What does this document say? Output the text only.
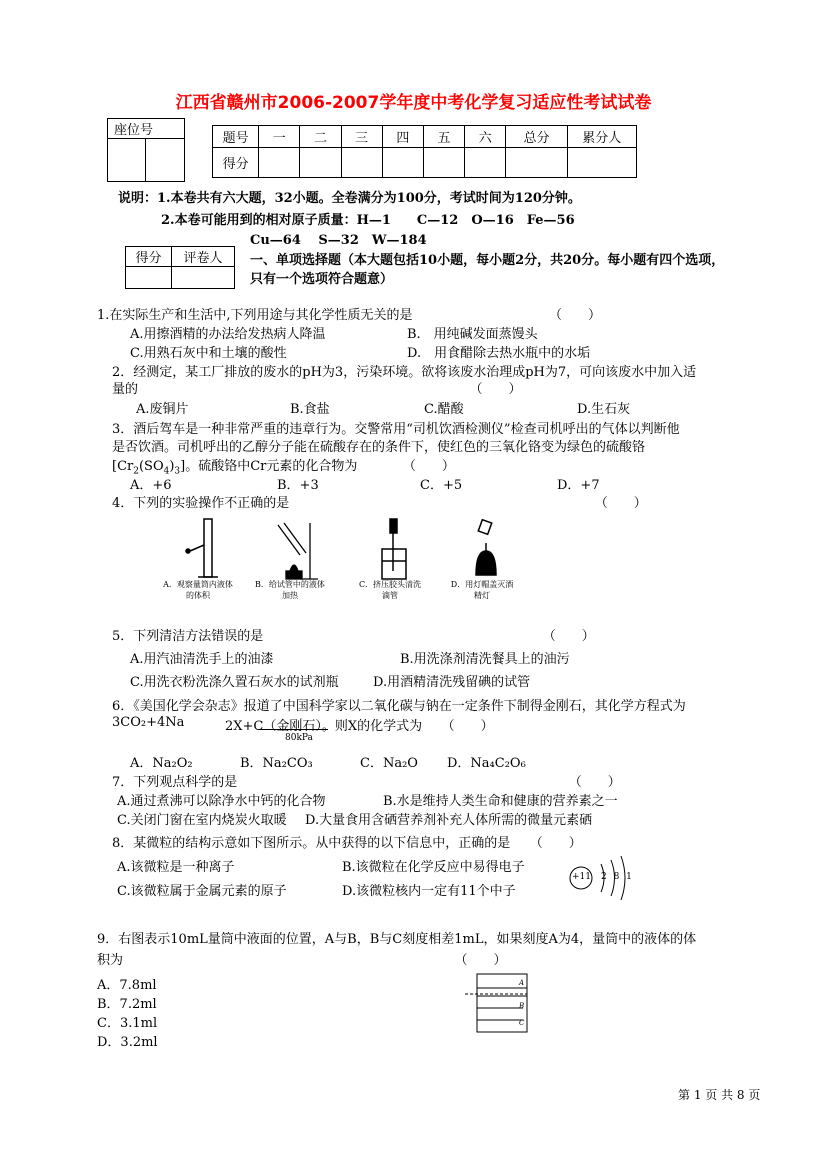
江西省赣州市2006-2007学年度中考化学复习适应性考试试卷
座位号

题号	一	二	三	四	五	六	总分	累分人
得分								
说明：1.本卷共有六大题，32小题。全卷满分为100分，考试时间为120分钟。
2.本卷可能用到的相对原子质量：H—1　　C—12　O—16　Fe—56
Cu—64　 S—32　W—184
得分	评卷人
	一、单项选择题（本大题包括10小题，每小题2分，共20分。每小题有四个选项，
只有一个选项符合题意）
1.在实际生产和生活中,下列用途与其化学性质无关的是　　　　　　　　　　　（　　）
A.用擦酒精的办法给发热病人降温	B.　用纯碱发面蒸馒头
C.用熟石灰中和土壤的酸性	D.　用食醋除去热水瓶中的水垢
2．经测定，某工厂排放的废水的pH为3，污染环境。欲将该废水治理成pH为7，可向该废水中加入适
量的　　　　　　　　　　　　　　　　　　　　　　　　　　（　　）
A.废铜片	B.食盐	C.醋酸	D.生石灰
3．酒后驾车是一种非常严重的违章行为。交警常用“司机饮酒检测仪”检查司机呼出的气体以判断他
是否饮酒。司机呼出的乙醇分子能在硫酸存在的条件下，使红色的三氧化铬变为绿色的硫酸铬
$[Cr_2(SO_4)_3]$。硫酸铬中Cr元素的化合物为　　　　（　　）
A．+6	B．+3	C．+5	D．+7
4．下列的实验操作不正确的是　　　　　　　　　　　　　　　　　　　　　　　　（　　）
A．观察量筒内液体的体积
B．给试管中的液体加热
C．挤压胶头清洗滴管
D．用灯帽盖灭酒精灯
5．下列清洁方法错误的是　　　　　　　　　　　　　　　　　　　　　　（　　）
A.用汽油清洗手上的油漆	B.用洗涤剂清洗餐具上的油污
C.用洗衣粉洗涤久置石灰水的试剂瓶	D.用酒精清洗残留碘的试管
6．《美国化学会杂志》报道了中国科学家以二氧化碳与钠在一定条件下制得金刚石，其化学方程式为
3CO₂+4Na	2X+C（金刚石）。则X的化学式为　　（　　）
80kPa
A．Na₂O₂	B．Na₂CO₃	C．Na₂O D．Na₄C₂O₆
7．下列观点科学的是　　　　　　　　　　　　　　　　　　　　　　　　　　（　　）
A.通过煮沸可以除净水中钙的化合物	B.水是维持人类生命和健康的营养素之一
C.关闭门窗在室内烧炭火取暖 D.大量食用含硒营养剂补充人体所需的微量元素硒
8．某微粒的结构示意如下图所示。从中获得的以下信息中，正确的是　　（　　）
A.该微粒是一种离子	B.该微粒在化学反应中易得电子
C.该微粒属于金属元素的原子	D.该微粒核内一定有11个中子
+11 2 8 1
9．右图表示10mL量筒中液面的位置，A与B，B与C刻度相差1mL，如果刻度A为4，量筒中的液体的体
积为　　　　　　　　　　　　　　　　　　　　　　　　　　（　　）
A．7.8ml
B．7.2ml
C．3.1ml
D．3.2ml
A
B
C
第 1 页 共 8 页
